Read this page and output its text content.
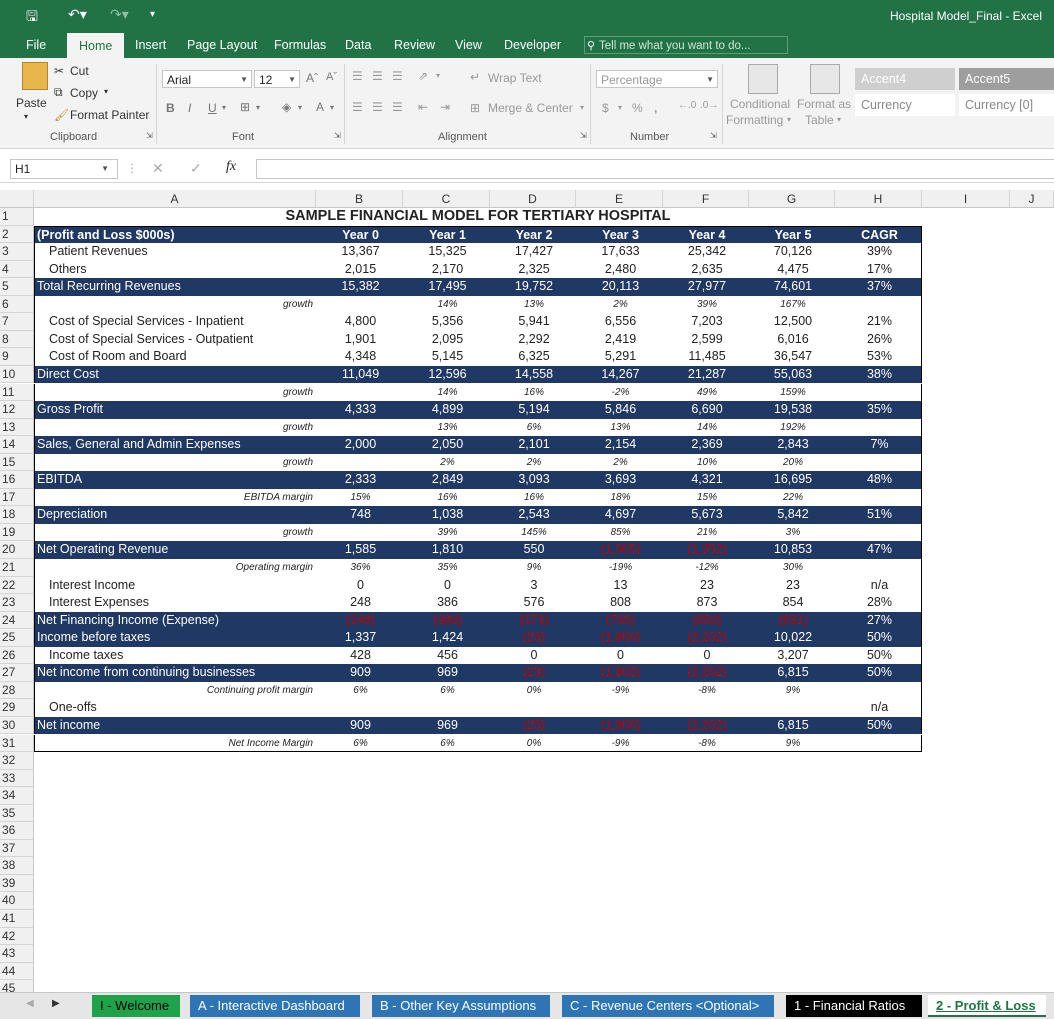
🖫 ↶▾ ↷▾ ▾	Hospital Model_Final - Excel
File	Home	Insert Page Layout Formulas Data Review View Developer ⚲ Tell me what you want to do...
Paste
▾
✂ Cut
⧉ Copy ▾
🖌 Format Painter
Clipboard	⇲
Arial	▼ 12 ▼ Aˆ Aˇ
B I U ▾ ⊞ ▾ ◈ ▾ A ▾
Font	⇲
☰ ☰ ☰ ⇗ ▾
☰ ☰ ☰ ⇤ ⇥
↵ Wrap Text
⊞ Merge & Center ▾
Alignment	⇲
Percentage	▼
$ ▾ % , ←.0 .0→
Number	⇲
Conditional
Formatting ▾
Format as
Table ▾
Accent4	Accent5
Currency	Currency [0]
H1	▼ ⋮ ✕ ✓ fx
A	B	C	D	E	F	G	H	I	J
1
2
3
4
5
6
7
8
9
10
11
12
13
14
15
16
17
18
19
20
21
22
23
24
25
26
27
28
29
30
31
32
33
34
35
36
37
38
39
40
41
42
43
44
45
SAMPLE FINANCIAL MODEL FOR TERTIARY HOSPITAL
(Profit and Loss $000s)	Year 0	Year 1	Year 2	Year 3	Year 4	Year 5	CAGR
Patient Revenues	13,367	15,325	17,427	17,633	25,342	70,126	39%
Others	2,015	2,170	2,325	2,480	2,635	4,475	17%
Total Recurring Revenues	15,382	17,495	19,752	20,113	27,977	74,601	37%
growth	14%	13%	2%	39%	167%
Cost of Special Services - Inpatient	4,800	5,356	5,941	6,556	7,203	12,500	21%
Cost of Special Services - Outpatient	1,901	2,095	2,292	2,419	2,599	6,016	26%
Cost of Room and Board	4,348	5,145	6,325	5,291	11,485	36,547	53%
Direct Cost	11,049	12,596	14,558	14,267	21,287	55,063	38%
growth	14%	16%	-2%	49%	159%
Gross Profit	4,333	4,899	5,194	5,846	6,690	19,538	35%
growth	13%	6%	13%	14%	192%
Sales, General and Admin Expenses	2,000	2,050	2,101	2,154	2,369	2,843	7%
growth	2%	2%	2%	10%	20%
EBITDA	2,333	2,849	3,093	3,693	4,321	16,695	48%
EBITDA margin	15%	16%	16%	18%	15%	22%
Depreciation	748	1,038	2,543	4,697	5,673	5,842	51%
growth	39%	145%	85%	21%	3%
Net Operating Revenue	1,585	1,810	550	(1,005)	(1,352)	10,853	47%
Operating margin	36%	35%	9%	-19%	-12%	30%
Interest Income	0	0	3	13	23	23	n/a
Interest Expenses	248	386	576	808	873	854	28%
Net Financing Income (Expense)	(248)	(386)	(573)	(795)	(850)	(831)	27%
Income before taxes	1,337	1,424	(23)	(1,800)	(2,202)	10,022	50%
Income taxes	428	456	0	0	0	3,207	50%
Net income from continuing businesses	909	969	(23)	(1,800)	(2,202)	6,815	50%
Continuing profit margin	6%	6%	0%	-9%	-8%	9%
One-offs	n/a
Net income	909	969	(23)	(1,800)	(2,202)	6,815	50%
Net Income Margin	6%	6%	0%	-9%	-8%	9%
◀ ▶	I - Welcome	A - Interactive Dashboard	B - Other Key Assumptions	C - Revenue Centers <Optional>	1 - Financial Ratios	2 - Profit & Loss
